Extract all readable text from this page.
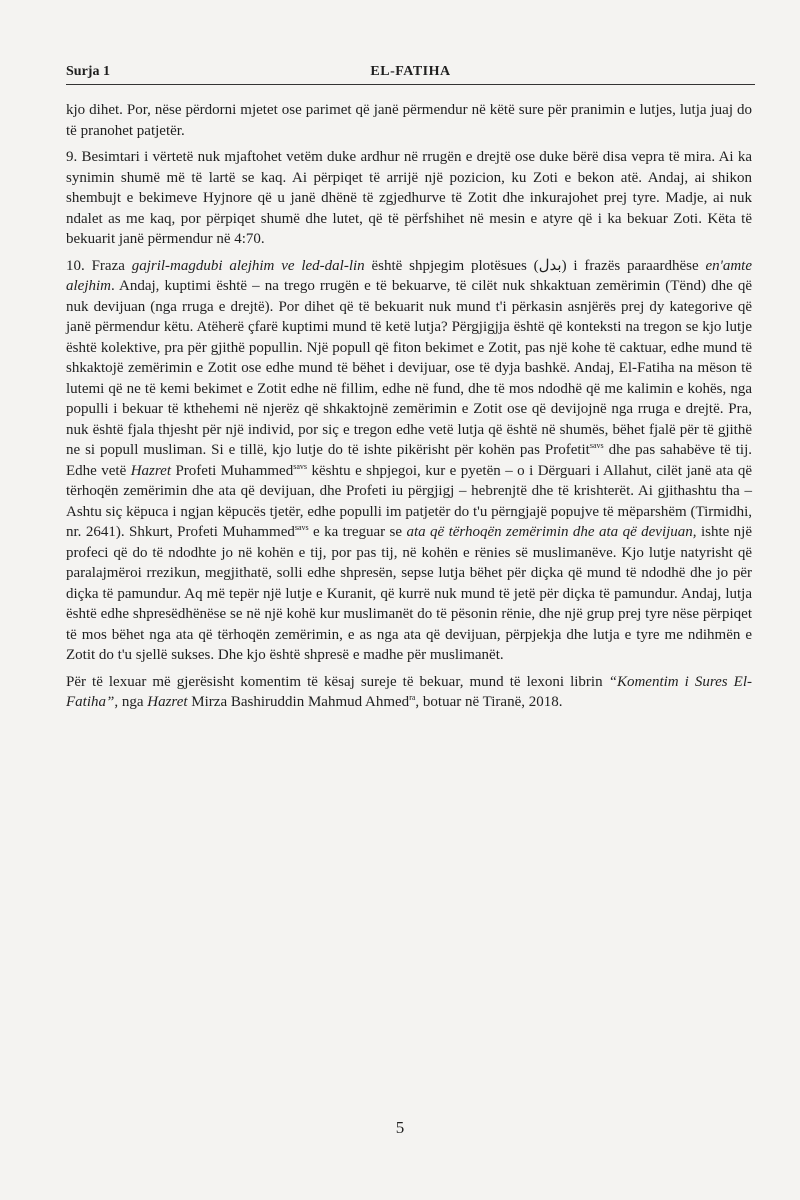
Surja 1	EL-FATIHA

kjo dihet. Por, nëse përdorni mjetet ose parimet që janë përmendur në këtë sure për pranimin e lutjes, lutja juaj do të pranohet patjetër.

9. Besimtari i vërtetë nuk mjaftohet vetëm duke ardhur në rrugën e drejtë ose duke bërë disa vepra të mira. Ai ka synimin shumë më të lartë se kaq. Ai përpiqet të arrijë një pozicion, ku Zoti e bekon atë. Andaj, ai shikon shembujt e bekimeve Hyjnore që u janë dhënë të zgjedhurve të Zotit dhe inkurajohet prej tyre. Madje, ai nuk ndalet as me kaq, por përpiqet shumë dhe lutet, që të përfshihet në mesin e atyre që i ka bekuar Zoti. Këta të bekuarit janë përmendur në 4:70.

10. Fraza gajril-magdubi alejhim ve led-dal-lin është shpjegim plotësues (بدل) i frazës paraardhëse en'amte alejhim. Andaj, kuptimi është – na trego rrugën e të bekuarve, të cilët nuk shkaktuan zemërimin (Tënd) dhe që nuk devijuan (nga rruga e drejtë). Por dihet që të bekuarit nuk mund t'i përkasin asnjërës prej dy kategorive që janë përmendur këtu. Atëherë çfarë kuptimi mund të ketë lutja? Përgjigjja është që konteksti na tregon se kjo lutje është kolektive, pra për gjithë popullin. Një popull që fiton bekimet e Zotit, pas një kohe të caktuar, edhe mund të shkaktojë zemërimin e Zotit ose edhe mund të bëhet i devijuar, ose të dyja bashkë. Andaj, El-Fatiha na mëson të lutemi që ne të kemi bekimet e Zotit edhe në fillim, edhe në fund, dhe të mos ndodhë që me kalimin e kohës, nga populli i bekuar të kthehemi në njerëz që shkaktojnë zemërimin e Zotit ose që devijojnë nga rruga e drejtë. Pra, nuk është fjala thjesht për një individ, por siç e tregon edhe vetë lutja që është në shumës, bëhet fjalë për të gjithë ne si popull musliman. Si e tillë, kjo lutje do të ishte pikërisht për kohën pas Profetit$^{savs}$ dhe pas sahabëve të tij. Edhe vetë Hazret Profeti Muhammed$^{savs}$ kështu e shpjegoi, kur e pyetën – o i Dërguari i Allahut, cilët janë ata që tërhoqën zemërimin dhe ata që devijuan, dhe Profeti iu përgjigj – hebrenjtë dhe të krishterët. Ai gjithashtu tha – Ashtu siç këpuca i ngjan këpucës tjetër, edhe populli im patjetër do t'u përngjajë popujve të mëparshëm (Tirmidhi, nr. 2641). Shkurt, Profeti Muhammed$^{savs}$ e ka treguar se ata që tërhoqën zemërimin dhe ata që devijuan, ishte një profeci që do të ndodhte jo në kohën e tij, por pas tij, në kohën e rënies së muslimanëve. Kjo lutje natyrisht që paralajmëroi rrezikun, megjithatë, solli edhe shpresën, sepse lutja bëhet për diçka që mund të ndodhë dhe jo për diçka të pamundur. Aq më tepër një lutje e Kuranit, që kurrë nuk mund të jetë për diçka të pamundur. Andaj, lutja është edhe shpresëdhënëse se në një kohë kur muslimanët do të pësonin rënie, dhe një grup prej tyre nëse përpiqet të mos bëhet nga ata që tërhoqën zemërimin, e as nga ata që devijuan, përpjekja dhe lutja e tyre me ndihmën e Zotit do t'u sjellë sukses. Dhe kjo është shpresë e madhe për muslimanët.

Për të lexuar më gjerësisht komentim të kësaj sureje të bekuar, mund të lexoni librin “Komentim i Sures El-Fatiha”, nga Hazret Mirza Bashiruddin Mahmud Ahmed$^{ra}$, botuar në Tiranë, 2018.

5
